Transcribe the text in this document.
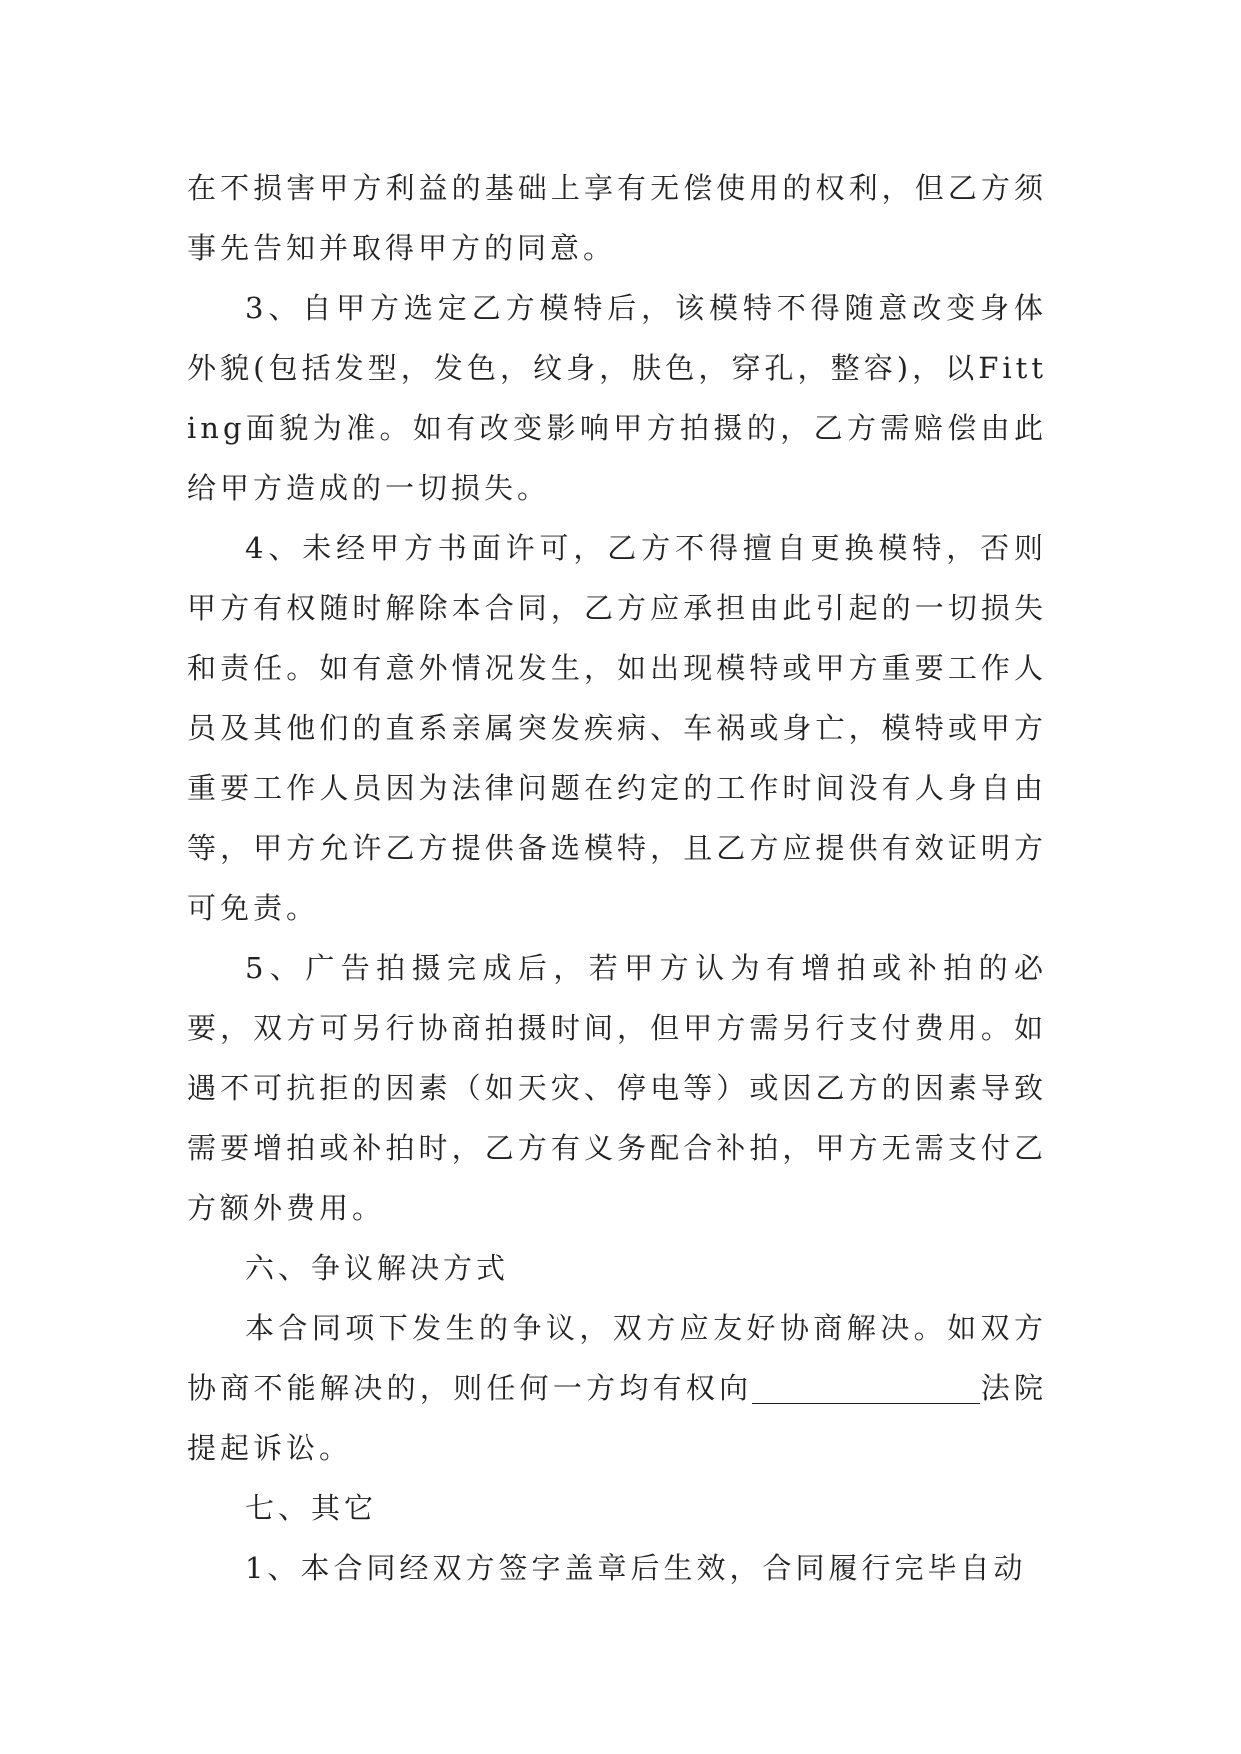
在不损害甲方利益的基础上享有无偿使用的权利，但乙方须事先告知并取得甲方的同意。

3、自甲方选定乙方模特后，该模特不得随意改变身体外貌(包括发型，发色，纹身，肤色，穿孔，整容)，以Fitting面貌为准。如有改变影响甲方拍摄的，乙方需赔偿由此给甲方造成的一切损失。

4、未经甲方书面许可，乙方不得擅自更换模特，否则甲方有权随时解除本合同，乙方应承担由此引起的一切损失和责任。如有意外情况发生，如出现模特或甲方重要工作人员及其他们的直系亲属突发疾病、车祸或身亡，模特或甲方重要工作人员因为法律问题在约定的工作时间没有人身自由等，甲方允许乙方提供备选模特，且乙方应提供有效证明方可免责。

5、广告拍摄完成后，若甲方认为有增拍或补拍的必要，双方可另行协商拍摄时间，但甲方需另行支付费用。如遇不可抗拒的因素（如天灾、停电等）或因乙方的因素导致需要增拍或补拍时，乙方有义务配合补拍，甲方无需支付乙方额外费用。

六、争议解决方式

本合同项下发生的争议，双方应友好协商解决。如双方协商不能解决的，则任何一方均有权向	法院提起诉讼。

七、其它

1、本合同经双方签字盖章后生效，合同履行完毕自动
